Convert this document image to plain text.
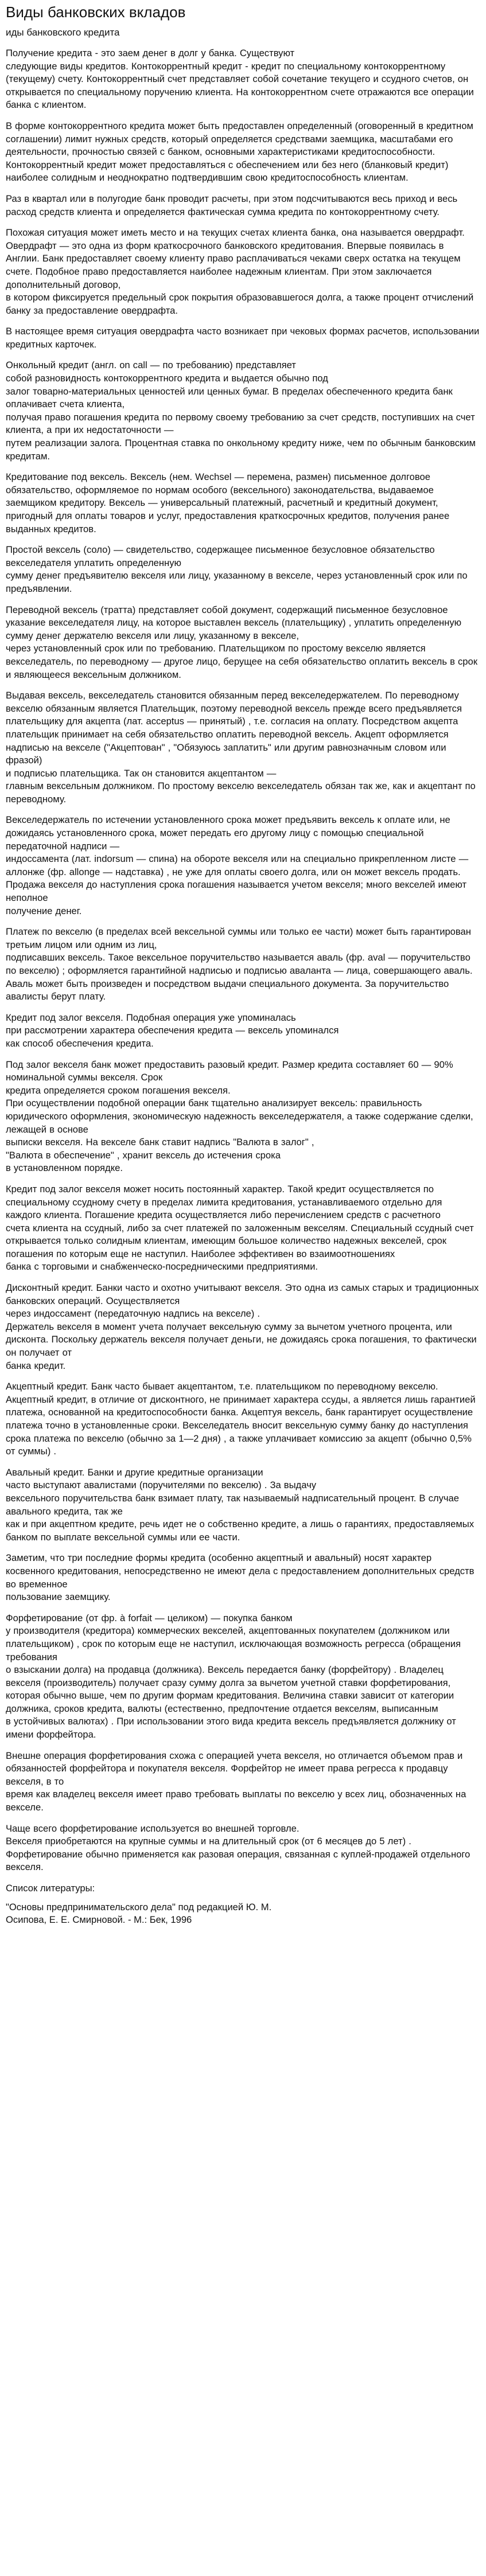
Виды банковских вкладов
иды банковского кредита

Получение кредита - это заем денег в долг у банка. Существуют
следующие виды кредитов. Контокоррентный кредит - кредит по специальному контокоррентному (текущему) счету. Контокоррентный счет представляет собой сочетание текущего и ссудного счетов, он открывается по специальному поручению клиента. На контокоррентном счете отражаются все операции банка с клиентом.

В форме контокоррентного кредита может быть предоставлен определенный (оговоренный в кредитном соглашении) лимит нужных средств, который определяется средствами заемщика, масштабами его деятельности, прочностью связей с банком, основными характеристиками кредитоспособности. Контокоррентный кредит может предоставляться с обеспечением или без него (бланковый кредит) наиболее солидным и неоднократно подтвердившим свою кредитоспособность клиентам.

Раз в квартал или в полугодие банк проводит расчеты, при этом подсчитываются весь приход и весь расход средств клиента и определяется фактическая сумма кредита по контокоррентному счету.

Похожая ситуация может иметь место и на текущих счетах клиента банка, она называется овердрафт. Овердрафт — это одна из форм краткосрочного банковского кредитования. Впервые появилась в Англии. Банк предоставляет своему клиенту право расплачиваться чеками сверх остатка на текущем счете. Подобное право предоставляется наиболее надежным клиентам. При этом заключается дополнительный договор,
в котором фиксируется предельный срок покрытия образовавшегося долга, а также процент отчислений банку за предоставление овердрафта.

В настоящее время ситуация овердрафта часто возникает при чековых формах расчетов, использовании кредитных карточек.

Онкольный кредит (англ. on call — по требованию) представляет
собой разновидность контокоррентного кредита и выдается обычно под
залог товарно-материальных ценностей или ценных бумаг. В пределах обеспеченного кредита банк оплачивает счета клиента,
получая право погашения кредита по первому своему требованию за счет средств, поступивших на счет клиента, а при их недостаточности —
путем реализации залога. Процентная ставка по онкольному кредиту ниже, чем по обычным банковским кредитам.

Кредитование под вексель. Вексель (нем. Wechsel — перемена, размен) письменное долговое обязательство, оформляемое по нормам особого (вексельного) законодательства, выдаваемое заемщиком кредитору. Вексель — универсальный платежный, расчетный и кредитный документ, пригодный для оплаты товаров и услуг, предоставления краткосрочных кредитов, получения ранее выданных кредитов.

Простой вексель (соло) — свидетельство, содержащее письменное безусловное обязательство векселедателя уплатить определенную
сумму денег предъявителю векселя или лицу, указанному в векселе, через установленный срок или по предъявлении.

Переводной вексель (тратта) представляет собой документ, содержащий письменное безусловное указание векселедателя лицу, на которое выставлен вексель (плательщику) , уплатить определенную
сумму денег держателю векселя или лицу, указанному в векселе,
через установленный срок или по требованию. Плательщиком по простому векселю является векселедатель, по переводному — другое лицо, берущее на себя обязательство оплатить вексель в срок и являющееся вексельным должником.

Выдавая вексель, векселедатель становится обязанным перед векселедержателем. По переводному векселю обязанным является Плательщик, поэтому переводной вексель прежде всего предъявляется плательщику для акцепта (лат. acceptus — принятый) , т.е. согласия на оплату. Посредством акцепта плательщик принимает на себя обязательство оплатить переводной вексель. Акцепт оформляется надписью на векселе ("Акцептован" , "Обязуюсь заплатить" или другим равнозначным словом или фразой)
и подписью плательщика. Так он становится акцептантом —
главным вексельным должником. По простому векселю векселедатель обязан так же, как и акцептант по переводному.

Векселедержатель по истечении установленного срока может предъявить вексель к оплате или, не дожидаясь установленного срока, может передать его другому лицу с помощью специальной передаточной надписи —
индоссамента (лат. indorsum — спина) на обороте векселя или на специально прикрепленном листе — аллонже (фр. allonge — надставка) , не уже для оплаты своего долга, или он может вексель продать. Продажа векселя до наступления срока погашения называется учетом векселя; много векселей имеют неполное
получение денег.

Платеж по векселю (в пределах всей вексельной суммы или только ее части) может быть гарантирован третьим лицом или одним из лиц,
подписавших вексель. Такое вексельное поручительство называется аваль (фр. aval — поручительство по векселю) ; оформляется гарантийной надписью и подписью аваланта — лица, совершающего аваль. Аваль может быть произведен и посредством выдачи специального документа. За поручительство авалисты берут плату.

Кредит под залог векселя. Подобная операция уже упоминалась
при рассмотрении характера обеспечения кредита — вексель упоминался
как способ обеспечения кредита.

Под залог векселя банк может предоставить разовый кредит. Размер кредита составляет 60 — 90% номинальной суммы векселя. Срок
кредита определяется сроком погашения векселя.
При осуществлении подобной операции банк тщательно анализирует вексель: правильность юридического оформления, экономическую надежность векселедержателя, а также содержание сделки, лежащей в основе
выписки векселя. На векселе банк ставит надпись "Валюта в залог" ,
"Валюта в обеспечение" , хранит вексель до истечения срока
в установленном порядке.

Кредит под залог векселя может носить постоянный характер. Такой кредит осуществляется по специальному ссудному счету в пределах лимита кредитования, устанавливаемого отдельно для каждого клиента. Погашение кредита осуществляется либо перечислением средств с расчетного
счета клиента на ссудный, либо за счет платежей по заложенным векселям. Специальный ссудный счет открывается только солидным клиентам, имеющим большое количество надежных векселей, срок погашения по которым еще не наступил. Наиболее эффективен во взаимоотношениях
банка с торговыми и снабженческо-посредническими предприятиями.

Дисконтный кредит. Банки часто и охотно учитывают векселя. Это одна из самых старых и традиционных банковских операций. Осуществляется
через индоссамент (передаточную надпись на векселе) .
Держатель векселя в момент учета получает вексельную сумму за вычетом учетного процента, или дисконта. Поскольку держатель векселя получает деньги, не дожидаясь срока погашения, то фактически он получает от
банка кредит.

Акцептный кредит. Банк часто бывает акцептантом, т.е. плательщиком по переводному векселю. Акцептный кредит, в отличие от дисконтного, не принимает характера ссуды, а является лишь гарантией платежа, основанной на кредитоспособности банка. Акцептуя вексель, банк гарантирует осуществление платежа точно в установленные сроки. Векселедатель вносит вексельную сумму банку до наступления срока платежа по векселю (обычно за 1—2 дня) , а также уплачивает комиссию за акцепт (обычно 0,5% от суммы) .

Авальный кредит. Банки и другие кредитные организации
часто выступают авалистами (поручителями по векселю) . За выдачу
вексельного поручительства банк взимает плату, так называемый надписательный процент. В случае авального кредита, так же
как и при акцептном кредите, речь идет не о собственно кредите, а лишь о гарантиях, предоставляемых банком по выплате вексельной суммы или ее части.

Заметим, что три последние формы кредита (особенно акцептный и авальный) носят характер косвенного кредитования, непосредственно не имеют дела с предоставлением дополнительных средств во временное
пользование заемщику.

Форфетирование (от фр. à forfait — целиком) — покупка банком
у производителя (кредитора) коммерческих векселей, акцептованных покупателем (должником или плательщиком) , срок по которым еще не наступил, исключающая возможность регресса (обращения требования
о взыскании долга) на продавца (должника). Вексель передается банку (форфейтору) . Владелец векселя (производитель) получает сразу сумму долга за вычетом учетной ставки форфетирования, которая обычно выше, чем по другим формам кредитования. Величина ставки зависит от категории должника, сроков кредита, валюты (естественно, предпочтение отдается векселям, выписанным
в устойчивых валютах) . При использовании этого вида кредита вексель предъявляется должнику от имени форфейтора.

Внешне операция форфетирования схожа с операцией учета векселя, но отличается объемом прав и обязанностей форфейтора и покупателя векселя. Форфейтор не имеет права регресса к продавцу векселя, в то
время как владелец векселя имеет право требовать выплаты по векселю у всех лиц, обозначенных на векселе.

Чаще всего форфетирование используется во внешней торговле.
Векселя приобретаются на крупные суммы и на длительный срок (от 6 месяцев до 5 лет) . Форфетирование обычно применяется как разовая операция, связанная с куплей-продажей отдельного векселя.

Список литературы:
"Основы предпринимательского дела" под редакцией Ю. М.
Осипова, Е. Е. Смирновой. - М.: Бек, 1996
